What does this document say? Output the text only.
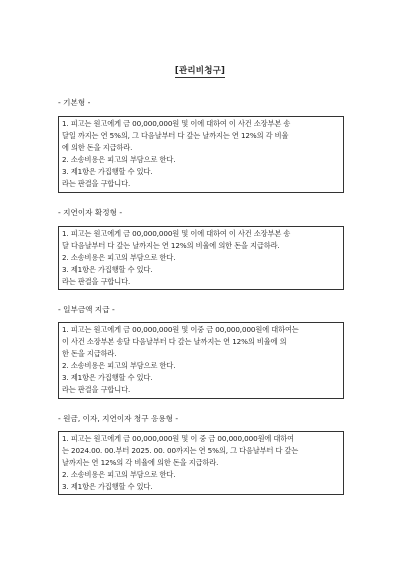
[관리비청구]
- 기본형 -
1. 피고는 원고에게 금 00,000,000원 및 이에 대하여 이 사건 소장부본 송
달일 까지는 연 5%의, 그 다음날부터 다 갚는 날까지는 연 12%의 각 비율
에 의한 돈을 지급하라.
2. 소송비용은 피고의 부담으로 한다.
3. 제1항은 가집행할 수 있다.
라는 판결을 구합니다.
- 지연이자 확정형 -
1. 피고는 원고에게 금 00,000,000원 및 이에 대하여 이 사건 소장부본 송
달 다음날부터 다 갚는 날까지는 연 12%의 비율에 의한 돈을 지급하라.
2. 소송비용은 피고의 부담으로 한다.
3. 제1항은 가집행할 수 있다.
라는 판결을 구합니다.
- 일부금액 지급 -
1. 피고는 원고에게 금 00,000,000원 및 이중 금 00,000,000원에 대하여는
이 사건 소장부본 송달 다음날부터 다 갚는 날까지는 연 12%의 비율에 의
한 돈을 지급하라.
2. 소송비용은 피고의 부담으로 한다.
3. 제1항은 가집행할 수 있다.
라는 판결을 구합니다.
- 원금, 이자, 지연이자 청구 응용형 -
1. 피고는 원고에게 금 00,000,000원 및 이 중 금 00,000,000원에 대하여
는 2024.00. 00.부터 2025. 00. 00까지는 연 5%의, 그 다음날부터 다 갚는
날까지는 연 12%의 각 비율에 의한 돈을 지급하라.
2. 소송비용은 피고의 부담으로 한다.
3. 제1항은 가집행할 수 있다.
